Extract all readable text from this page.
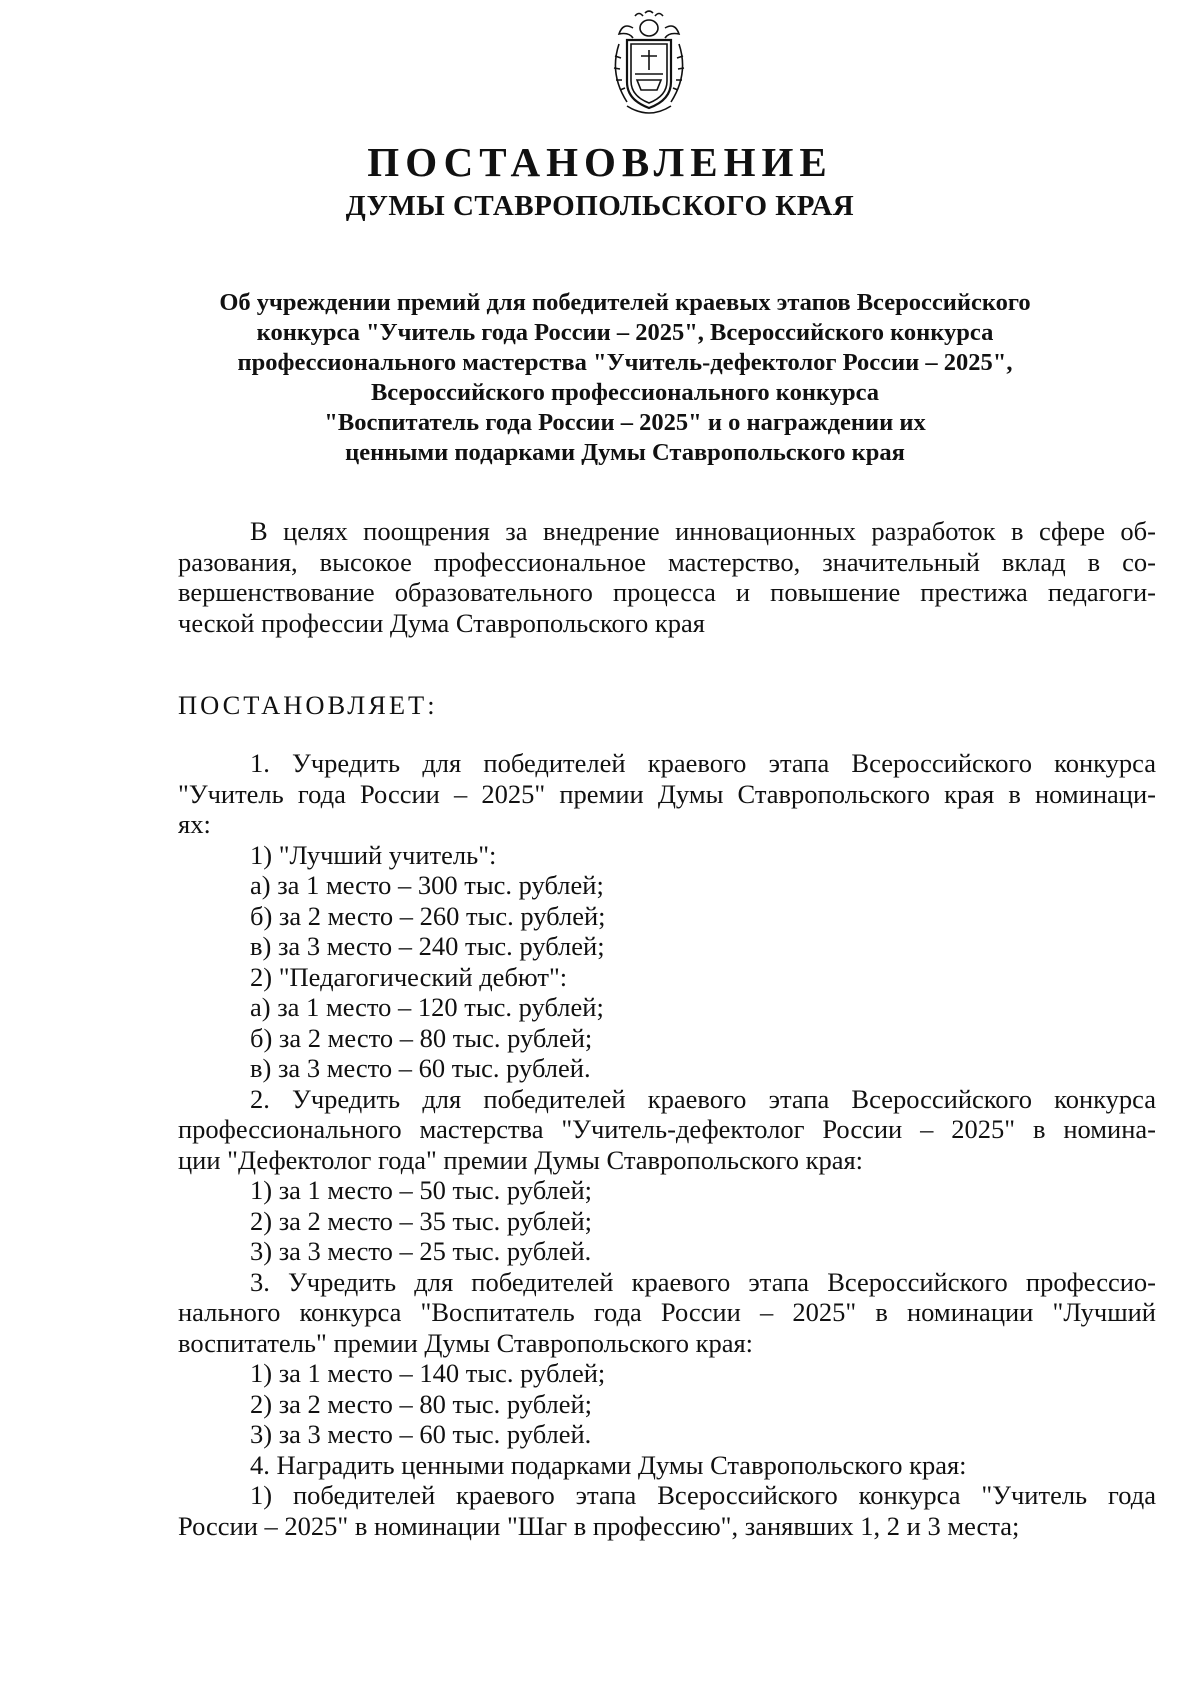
ПОСТАНОВЛЕНИЕ
ДУМЫ СТАВРОПОЛЬСКОГО КРАЯ
Об учреждении премий для победителей краевых этапов Всероссийского
конкурса "Учитель года России – 2025", Всероссийского конкурса
профессионального мастерства "Учитель-дефектолог России – 2025",
Всероссийского профессионального конкурса
"Воспитатель года России – 2025" и о награждении их
ценными подарками Думы Ставропольского края
В целях поощрения за внедрение инновационных разработок в сфере об-
разования, высокое профессиональное мастерство, значительный вклад в со-
вершенствование образовательного процесса и повышение престижа педагоги-
ческой профессии Дума Ставропольского края
ПОСТАНОВЛЯЕТ:
1. Учредить для победителей краевого этапа Всероссийского конкурса
"Учитель года России – 2025" премии Думы Ставропольского края в номинаци-
ях:
1) "Лучший учитель":
а) за 1 место – 300 тыс. рублей;
б) за 2 место – 260 тыс. рублей;
в) за 3 место – 240 тыс. рублей;
2) "Педагогический дебют":
а) за 1 место – 120 тыс. рублей;
б) за 2 место – 80 тыс. рублей;
в) за 3 место – 60 тыс. рублей.
2. Учредить для победителей краевого этапа Всероссийского конкурса
профессионального мастерства "Учитель-дефектолог России – 2025" в номина-
ции "Дефектолог года" премии Думы Ставропольского края:
1) за 1 место – 50 тыс. рублей;
2) за 2 место – 35 тыс. рублей;
3) за 3 место – 25 тыс. рублей.
3. Учредить для победителей краевого этапа Всероссийского профессио-
нального конкурса "Воспитатель года России – 2025" в номинации "Лучший
воспитатель" премии Думы Ставропольского края:
1) за 1 место – 140 тыс. рублей;
2) за 2 место – 80 тыс. рублей;
3) за 3 место – 60 тыс. рублей.
4. Наградить ценными подарками Думы Ставропольского края:
1) победителей краевого этапа Всероссийского конкурса "Учитель года
России – 2025" в номинации "Шаг в профессию", занявших 1, 2 и 3 места;
